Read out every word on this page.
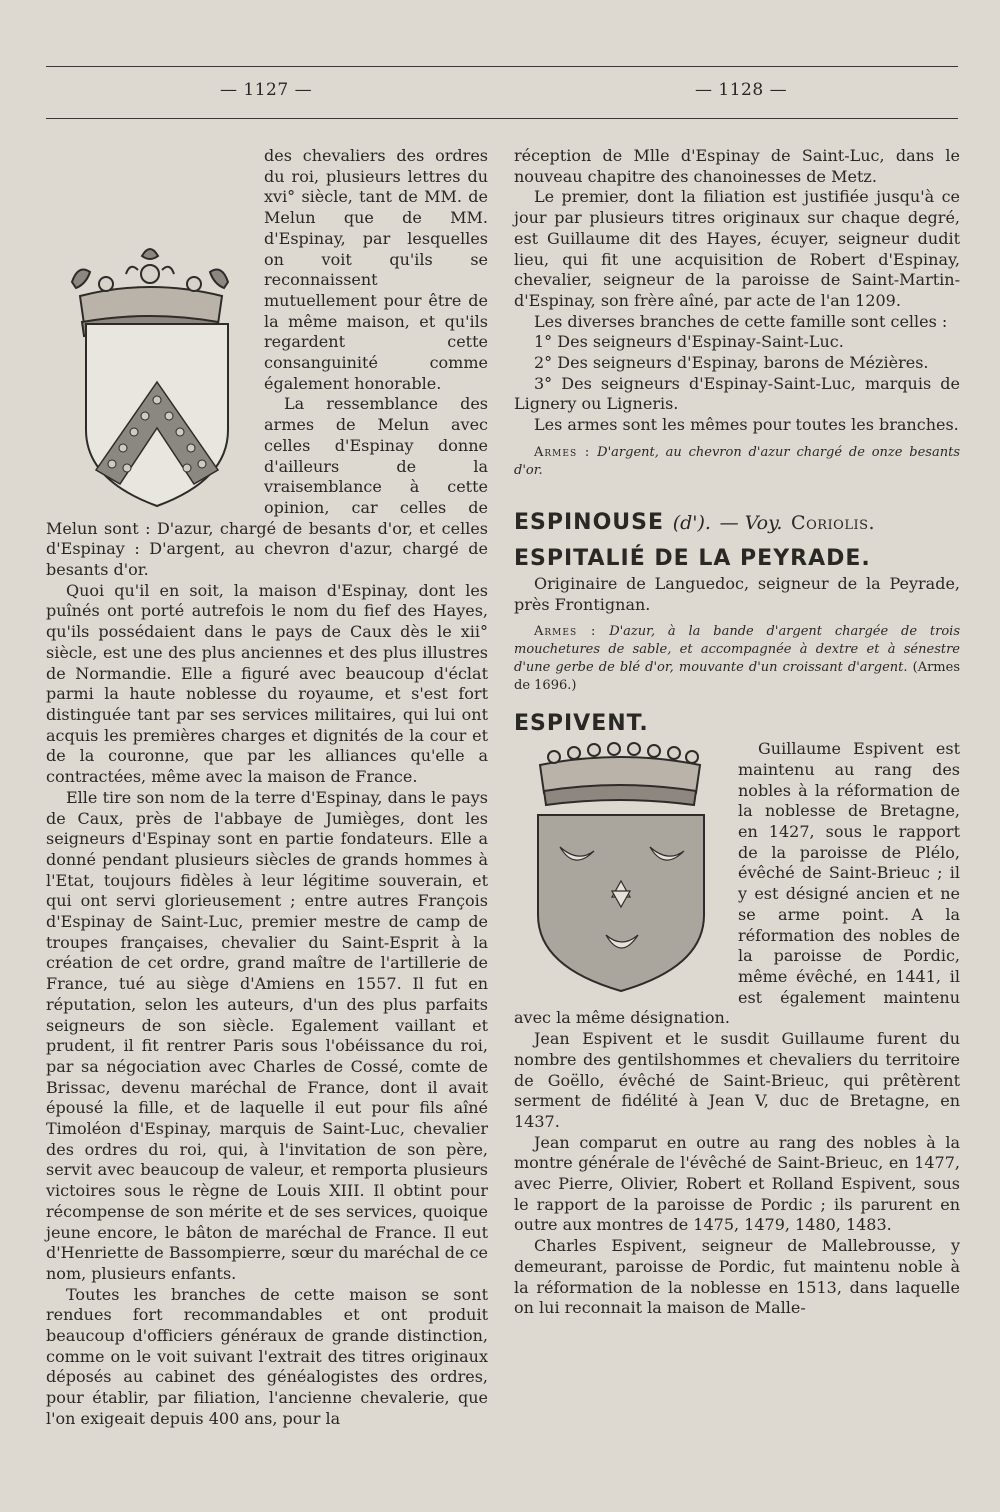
— 1127 —	— 1128 —

des chevaliers des ordres du roi, plusieurs lettres du xvi° siècle, tant de MM. de Melun que de MM. d'Espinay, par lesquelles on voit qu'ils se reconnaissent mutuellement pour être de la même maison, et qu'ils regardent cette consanguinité comme également honorable.

La ressemblance des armes de Melun avec celles d'Espinay donne d'ailleurs de la vraisemblance à cette opinion, car celles de Melun sont : D'azur, chargé de besants d'or, et celles d'Espinay : D'argent, au chevron d'azur, chargé de besants d'or.

Quoi qu'il en soit, la maison d'Espinay, dont les puînés ont porté autrefois le nom du fief des Hayes, qu'ils possédaient dans le pays de Caux dès le xii° siècle, est une des plus anciennes et des plus illustres de Normandie. Elle a figuré avec beaucoup d'éclat parmi la haute noblesse du royaume, et s'est fort distinguée tant par ses services militaires, qui lui ont acquis les premières charges et dignités de la cour et de la couronne, que par les alliances qu'elle a contractées, même avec la maison de France.

Elle tire son nom de la terre d'Espinay, dans le pays de Caux, près de l'abbaye de Jumièges, dont les seigneurs d'Espinay sont en partie fondateurs. Elle a donné pendant plusieurs siècles de grands hommes à l'Etat, toujours fidèles à leur légitime souverain, et qui ont servi glorieusement ; entre autres François d'Espinay de Saint-Luc, premier mestre de camp de troupes françaises, chevalier du Saint-Esprit à la création de cet ordre, grand maître de l'artillerie de France, tué au siège d'Amiens en 1557. Il fut en réputation, selon les auteurs, d'un des plus parfaits seigneurs de son siècle. Egalement vaillant et prudent, il fit rentrer Paris sous l'obéissance du roi, par sa négociation avec Charles de Cossé, comte de Brissac, devenu maréchal de France, dont il avait épousé la fille, et de laquelle il eut pour fils aîné Timoléon d'Espinay, marquis de Saint-Luc, chevalier des ordres du roi, qui, à l'invitation de son père, servit avec beaucoup de valeur, et remporta plusieurs victoires sous le règne de Louis XIII. Il obtint pour récompense de son mérite et de ses services, quoique jeune encore, le bâton de maréchal de France. Il eut d'Henriette de Bassompierre, sœur du maréchal de ce nom, plusieurs enfants.

Toutes les branches de cette maison se sont rendues fort recommandables et ont produit beaucoup d'officiers généraux de grande distinction, comme on le voit suivant l'extrait des titres originaux déposés au cabinet des généalogistes des ordres, pour établir, par filiation, l'ancienne chevalerie, que l'on exigeait depuis 400 ans, pour la

réception de Mlle d'Espinay de Saint-Luc, dans le nouveau chapitre des chanoinesses de Metz.

Le premier, dont la filiation est justifiée jusqu'à ce jour par plusieurs titres originaux sur chaque degré, est Guillaume dit des Hayes, écuyer, seigneur dudit lieu, qui fit une acquisition de Robert d'Espinay, chevalier, seigneur de la paroisse de Saint-Martin-d'Espinay, son frère aîné, par acte de l'an 1209.

Les diverses branches de cette famille sont celles :

1° Des seigneurs d'Espinay-Saint-Luc.

2° Des seigneurs d'Espinay, barons de Mézières.

3° Des seigneurs d'Espinay-Saint-Luc, marquis de Lignery ou Ligneris.

Les armes sont les mêmes pour toutes les branches.

Armes : D'argent, au chevron d'azur chargé de onze besants d'or.

ESPINOUSE (d'). — Voy. Coriolis.

ESPITALIÉ DE LA PEYRADE.

Originaire de Languedoc, seigneur de la Peyrade, près Frontignan.

Armes : D'azur, à la bande d'argent chargée de trois mouchetures de sable, et accompagnée à dextre et à sénestre d'une gerbe de blé d'or, mouvante d'un croissant d'argent. (Armes de 1696.)

ESPIVENT.

Guillaume Espivent est maintenu au rang des nobles à la réformation de la noblesse de Bretagne, en 1427, sous le rapport de la paroisse de Plélo, évêché de Saint-Brieuc ; il y est désigné ancien et ne se arme point. A la réformation des nobles de la paroisse de Pordic, même évêché, en 1441, il est également maintenu avec la même désignation.

Jean Espivent et le susdit Guillaume furent du nombre des gentilshommes et chevaliers du territoire de Goëllo, évêché de Saint-Brieuc, qui prêtèrent serment de fidélité à Jean V, duc de Bretagne, en 1437.

Jean comparut en outre au rang des nobles à la montre générale de l'évêché de Saint-Brieuc, en 1477, avec Pierre, Olivier, Robert et Rolland Espivent, sous le rapport de la paroisse de Pordic ; ils parurent en outre aux montres de 1475, 1479, 1480, 1483.

Charles Espivent, seigneur de Mallebrousse, y demeurant, paroisse de Pordic, fut maintenu noble à la réformation de la noblesse en 1513, dans laquelle on lui reconnait la maison de Malle-
